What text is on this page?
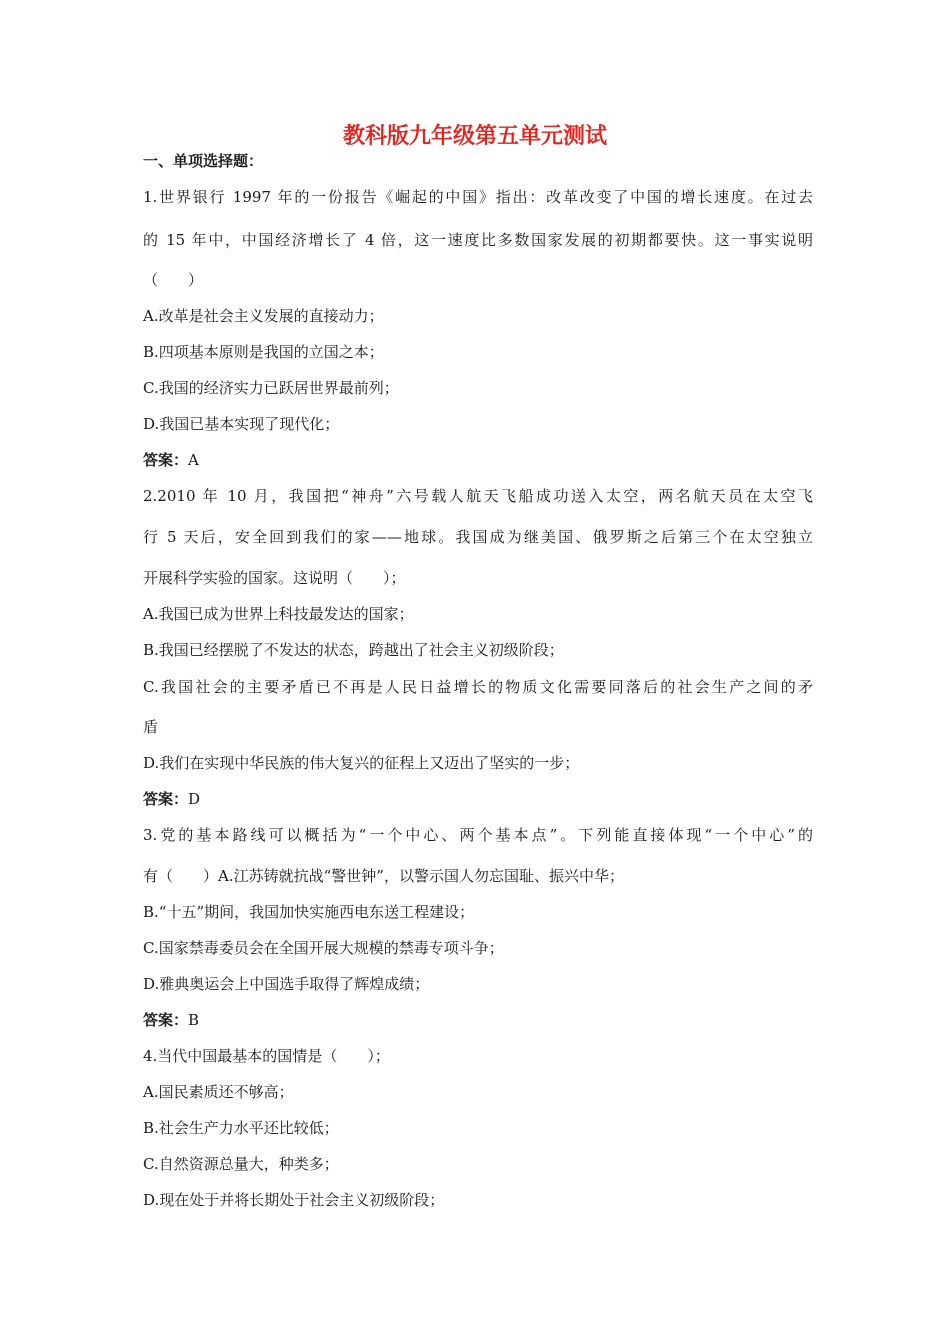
教科版九年级第五单元测试
一、单项选择题：
1.世界银行 1997 年的一份报告《崛起的中国》指出：改革改变了中国的增长速度。在过去
的 15 年中，中国经济增长了 4 倍，这一速度比多数国家发展的初期都要快。这一事实说明
（　　）
A.改革是社会主义发展的直接动力；
B.四项基本原则是我国的立国之本；
C.我国的经济实力已跃居世界最前列；
D.我国已基本实现了现代化；
答案：A
2.2010 年 10 月，我国把“神舟”六号载人航天飞船成功送入太空，两名航天员在太空飞
行 5 天后，安全回到我们的家——地球。我国成为继美国、俄罗斯之后第三个在太空独立
开展科学实验的国家。这说明（　　）；
A.我国已成为世界上科技最发达的国家；
B.我国已经摆脱了不发达的状态，跨越出了社会主义初级阶段；
C.我国社会的主要矛盾已不再是人民日益增长的物质文化需要同落后的社会生产之间的矛
盾
D.我们在实现中华民族的伟大复兴的征程上又迈出了坚实的一步；
答案：D
3.党的基本路线可以概括为“一个中心、两个基本点”。下列能直接体现“一个中心”的
有（　　）A.江苏铸就抗战“警世钟”，以警示国人勿忘国耻、振兴中华；
B.“十五”期间，我国加快实施西电东送工程建设；
C.国家禁毒委员会在全国开展大规模的禁毒专项斗争；
D.雅典奥运会上中国选手取得了辉煌成绩；
答案：B
4.当代中国最基本的国情是（　　）；
A.国民素质还不够高；
B.社会生产力水平还比较低；
C.自然资源总量大，种类多；
D.现在处于并将长期处于社会主义初级阶段；
